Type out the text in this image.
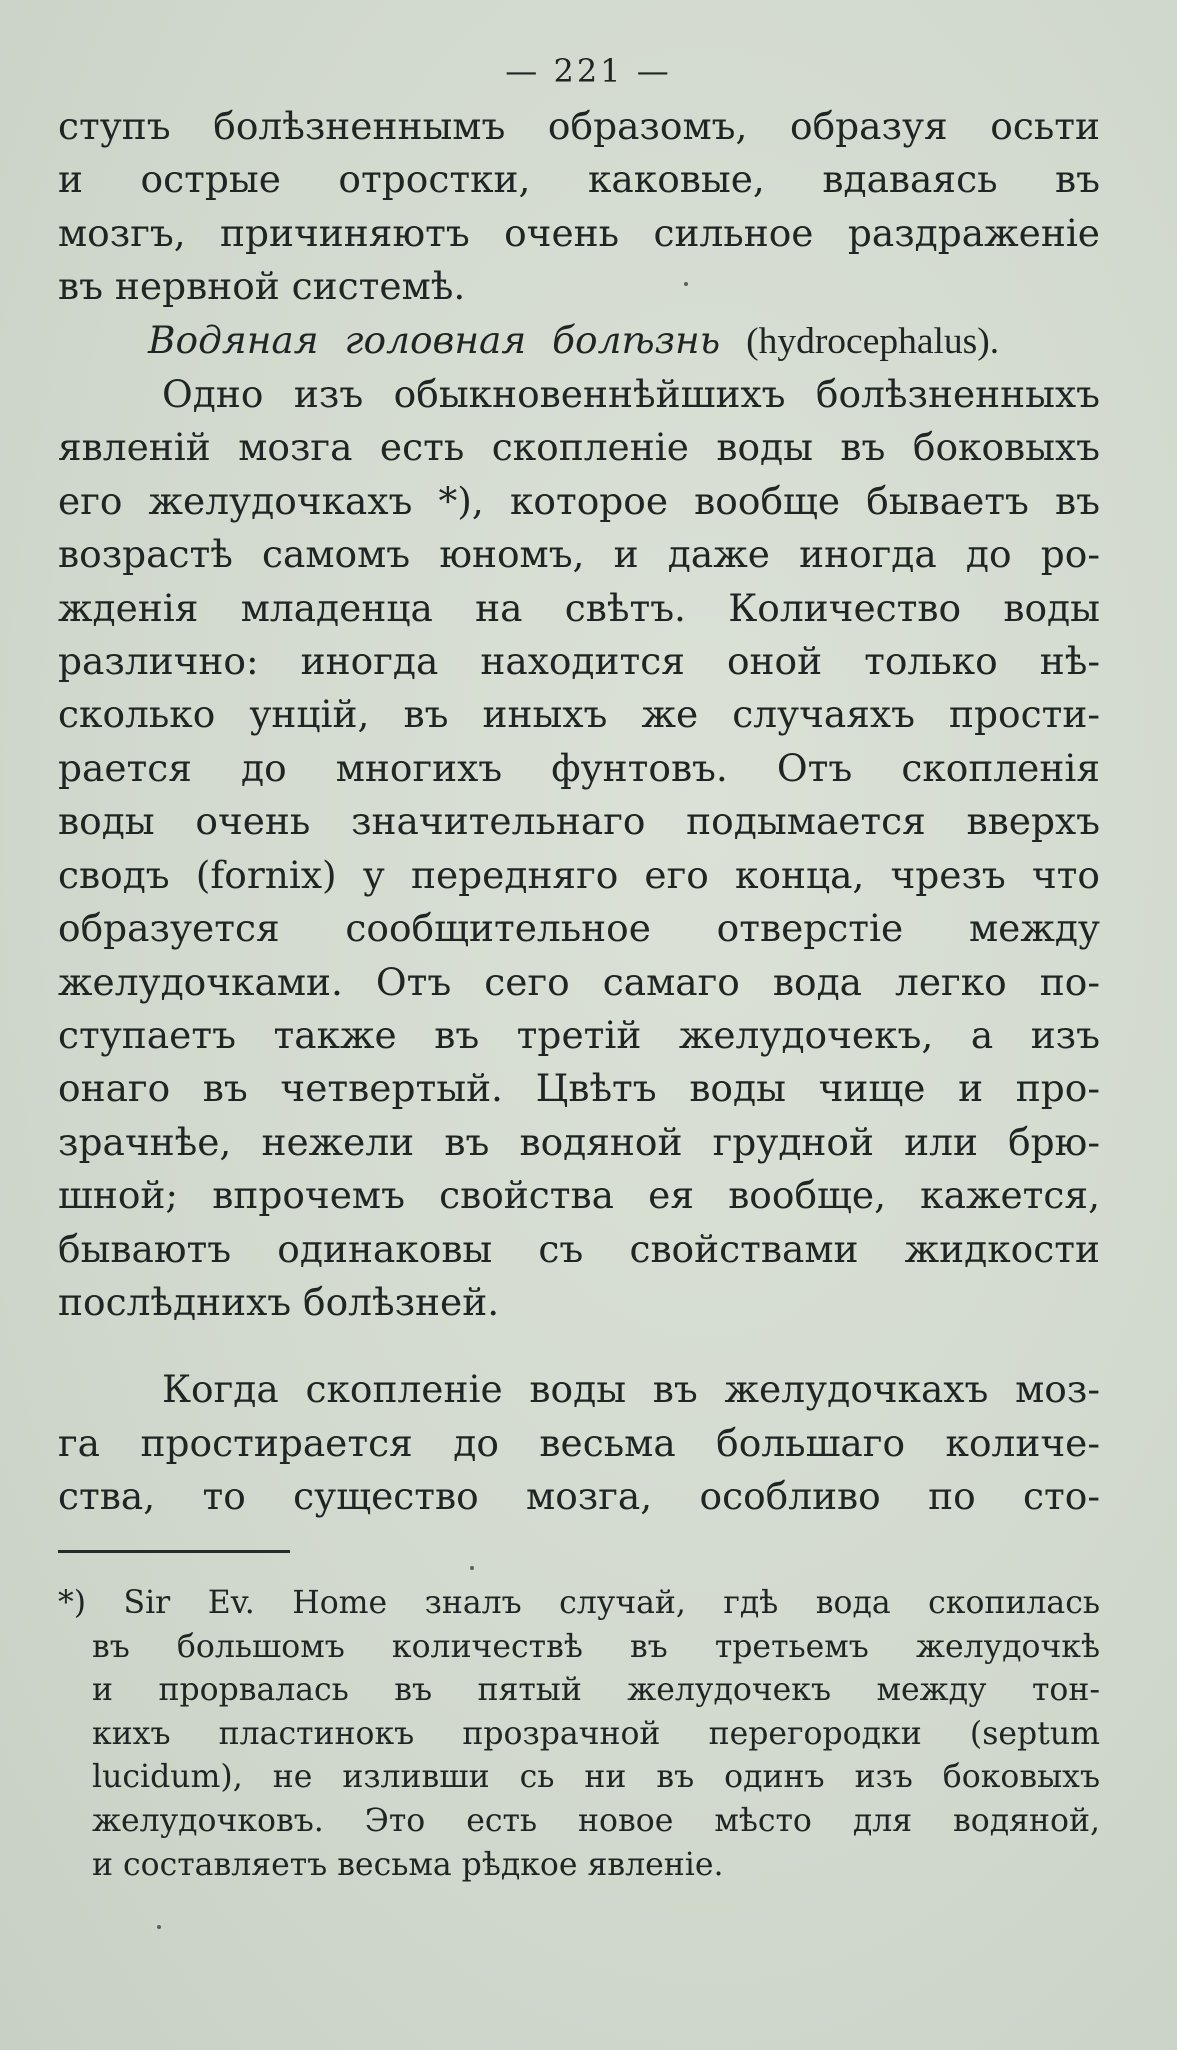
— 221 —
ступъ болѣзненнымъ образомъ, образуя осьти
и острые отростки, каковые, вдаваясь въ
мозгъ, причиняютъ очень сильное раздраженіе
въ нервной системѣ.
Водяная головная болѣзнь (hydrocephalus).
Одно изъ обыкновеннѣйшихъ болѣзненныхъ
явленій мозга есть скопленіе воды въ боковыхъ
его желудочкахъ *), которое вообще бываетъ въ
возрастѣ самомъ юномъ, и даже иногда до ро-
жденія младенца на свѣтъ. Количество воды
различно: иногда находится оной только нѣ-
сколько унцій, въ иныхъ же случаяхъ прости-
рается до многихъ фунтовъ. Отъ скопленія
воды очень значительнаго подымается вверхъ
сводъ (fornix) у передняго его конца, чрезъ что
образуется сообщительное отверстіе между
желудочками. Отъ сего самаго вода легко по-
ступаетъ также въ третій желудочекъ, а изъ
онаго въ четвертый. Цвѣтъ воды чище и про-
зрачнѣе, нежели въ водяной грудной или брю-
шной; впрочемъ свойства ея вообще, кажется,
бываютъ одинаковы съ свойствами жидкости
послѣднихъ болѣзней.
Когда скопленіе воды въ желудочкахъ моз-
га простирается до весьма большаго количе-
ства, то существо мозга, особливо по сто-
*) Sir Ev. Home зналъ случай, гдѣ вода скопилась
въ большомъ количествѣ въ третьемъ желудочкѣ
и прорвалась въ пятый желудочекъ между тон-
кихъ пластинокъ прозрачной перегородки (septum
lucidum), не изливши сь ни въ одинъ изъ боковыхъ
желудочковъ. Это есть новое мѣсто для водяной,
и составляетъ весьма рѣдкое явленіе.
